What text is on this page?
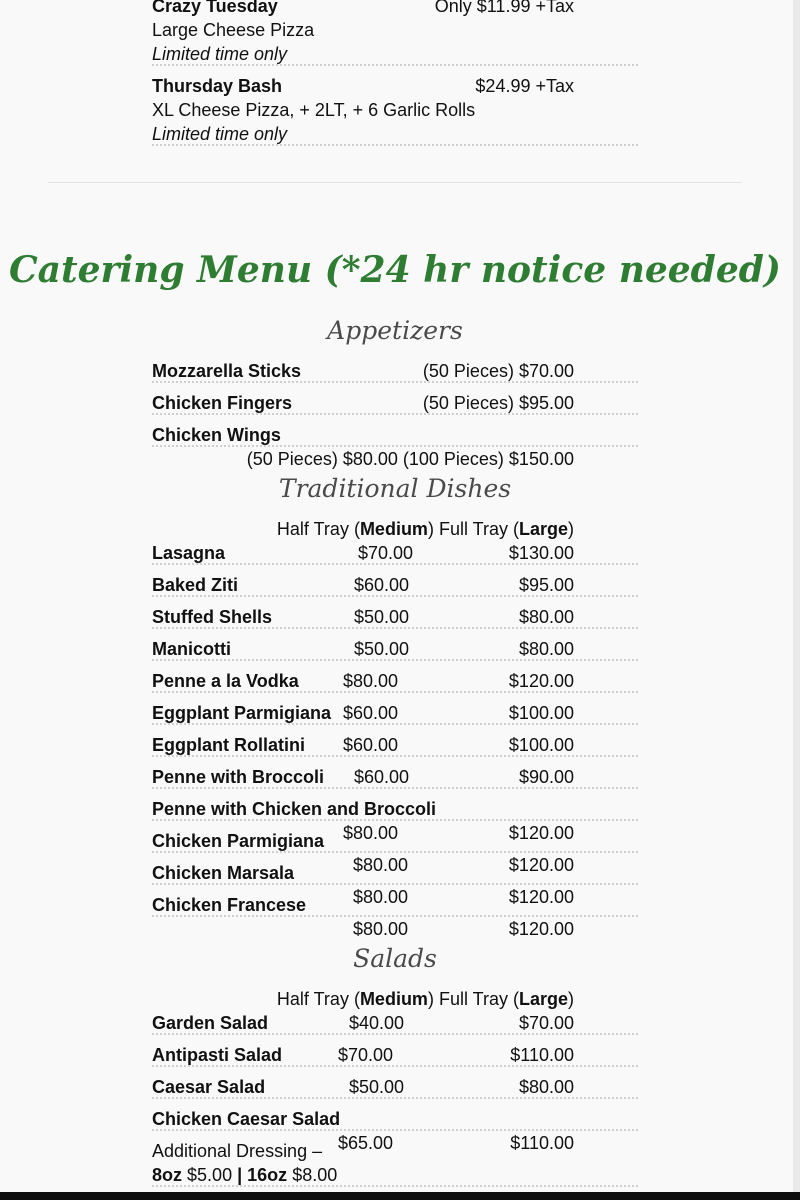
Crazy Tuesday	Only $11.99 +Tax
Large Cheese Pizza
Limited time only
Thursday Bash	$24.99 +Tax
XL Cheese Pizza, + 2LT, + 6 Garlic Rolls
Limited time only
Catering Menu (*24 hr notice needed)
Appetizers
Mozzarella Sticks	(50 Pieces) $70.00
Chicken Fingers	(50 Pieces) $95.00
Chicken Wings
(50 Pieces) $80.00 (100 Pieces) $150.00
Traditional Dishes
Half Tray (Medium) Full Tray (Large)
Lasagna	$70.00	$130.00
Baked Ziti	$60.00	$95.00
Stuffed Shells	$50.00	$80.00
Manicotti	$50.00	$80.00
Penne a la Vodka $80.00	$120.00
Eggplant Parmigiana $60.00	$100.00
Eggplant Rollatini $60.00	$100.00
Penne with Broccoli $60.00	$90.00
Penne with Chicken and Broccoli
$80.00	$120.00
Chicken Parmigiana
$80.00	$120.00
Chicken Marsala
$80.00	$120.00
Chicken Francese
$80.00	$120.00
Salads
Half Tray (Medium) Full Tray (Large)
Garden Salad	$40.00	$70.00
Antipasti Salad	$70.00	$110.00
Caesar Salad	$50.00	$80.00
Chicken Caesar Salad
$65.00	$110.00
Additional Dressing –
8oz $5.00 | 16oz $8.00
